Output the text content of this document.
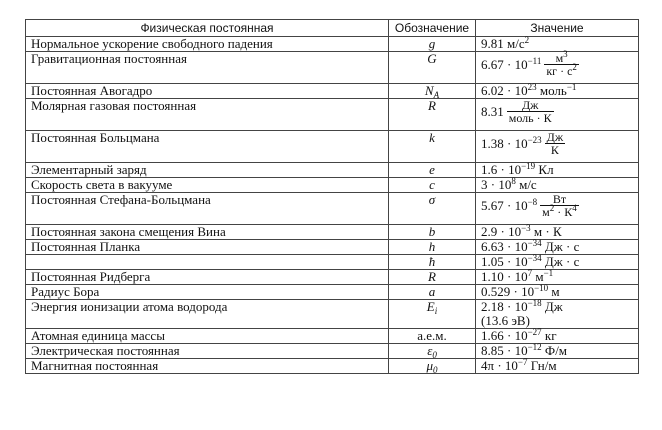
Физическая постоянная	Обозначение	Значение
Нормальное ускорение свободного падения	g	9.81 $м/с^2$
Гравитационная постоянная	G	$6.67 \cdot 10^{-11} \frac{м^3}{кг \cdot с^2}$

Постоянная Авогадро	$N_A$	$6.02 \cdot 10^{23}$ моль$^{-1}$
Молярная газовая постоянная	R	$8.31 \frac{Дж}{\text{моль · К}}$

Постоянная Больцмана	k	$1.38 \cdot 10^{-23} \frac{Дж}{К}$

Элементарный заряд	e	$1.6 \cdot 10^{-19}$ Кл
Скорость света в вакууме	c	$3 \cdot 10^8$ м/с
Постоянная Стефана-Больцмана	σ	$5.67 \cdot 10^{-8} \frac{Вт}{м^2 \cdot К^4}$

Постоянная закона смещения Вина	b	$2.9 \cdot 10^{-3}$ м · К
Постоянная Планка	h	$6.63 \cdot 10^{-34}$ Дж · с
	ħ	$1.05 \cdot 10^{-34}$ Дж · с
Постоянная Ридберга	R	$1.10 \cdot 10^7$ $м^{-1}$
Радиус Бора	a	$0.529 \cdot 10^{-10}$ м
Энергия ионизации атома водорода	$E_i$	$2.18 \cdot 10^{-18}$ Дж
(13.6 эВ)
Атомная единица массы	а.е.м.	$1.66 \cdot 10^{-27}$ кг
Электрическая постоянная	$\varepsilon_0$	$8.85 \cdot 10^{-12}$ Ф/м
Магнитная постоянная	$\mu_0$	$4\pi \cdot 10^{-7}$ Гн/м
